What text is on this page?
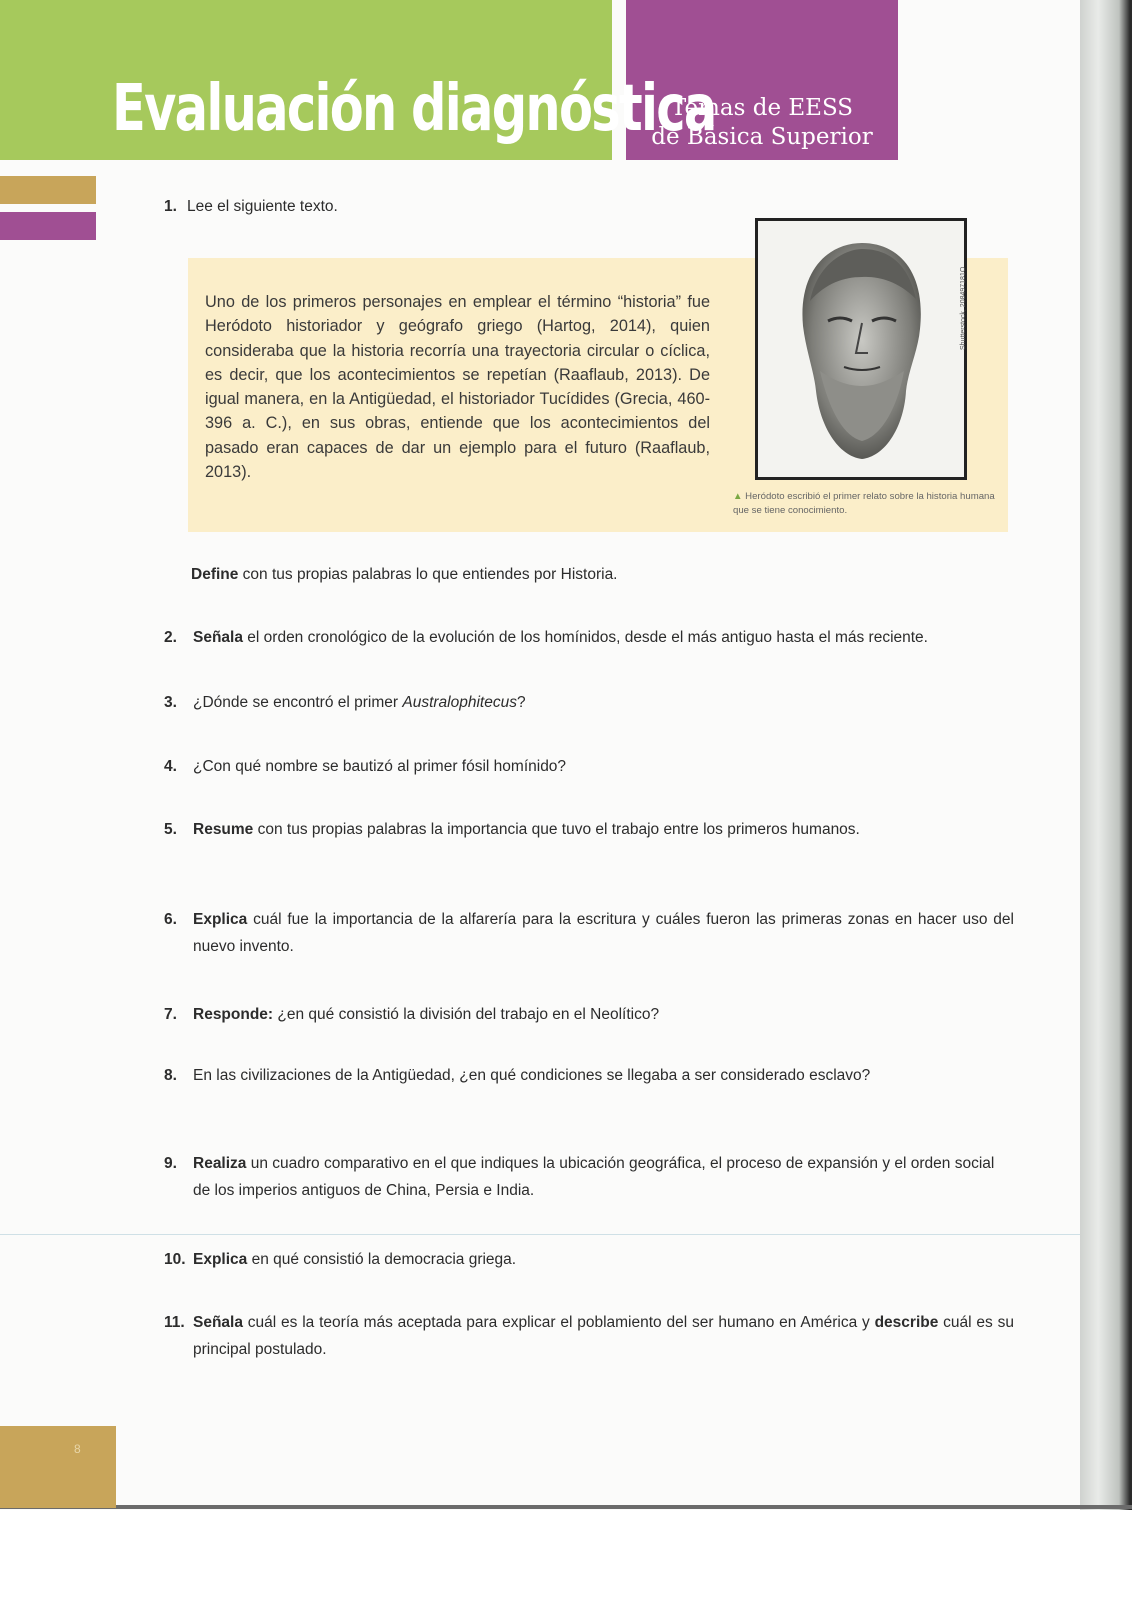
Evaluación diagnóstica
Temas de EESS
de Básica Superior
1. Lee el siguiente texto.
Uno de los primeros personajes en emplear el término “historia” fue Heródoto historiador y geógrafo griego (Hartog, 2014), quien consideraba que la historia recorría una trayectoria circular o cíclica, es decir, que los acontecimientos se repetían (Raaflaub, 2013). De igual manera, en la Antigüedad, el historiador Tucídides (Grecia, 460-396 a. C.), en sus obras, entiende que los acontecimientos del pasado eran capaces de dar un ejemplo para el futuro (Raaflaub, 2013).
Shutterstock, 208497181O
▲ Heródoto escribió el primer relato sobre la historia humana que se tiene conocimiento.
Define con tus propias palabras lo que entiendes por Historia.
2.	Señala el orden cronológico de la evolución de los homínidos, desde el más antiguo hasta el más reciente.
3.	¿Dónde se encontró el primer Australophitecus?
4.	¿Con qué nombre se bautizó al primer fósil homínido?
5.	Resume con tus propias palabras la importancia que tuvo el trabajo entre los primeros humanos.
6.	Explica cuál fue la importancia de la alfarería para la escritura y cuáles fueron las primeras zonas en hacer uso del nuevo invento.
7.	Responde: ¿en qué consistió la división del trabajo en el Neolítico?
8.	En las civilizaciones de la Antigüedad, ¿en qué condiciones se llegaba a ser considerado esclavo?
9.	Realiza un cuadro comparativo en el que indiques la ubicación geográfica, el proceso de expansión y el orden social de los imperios antiguos de China, Persia e India.
10. Explica en qué consistió la democracia griega.
11. Señala cuál es la teoría más aceptada para explicar el poblamiento del ser humano en América y describe cuál es su principal postulado.
8
